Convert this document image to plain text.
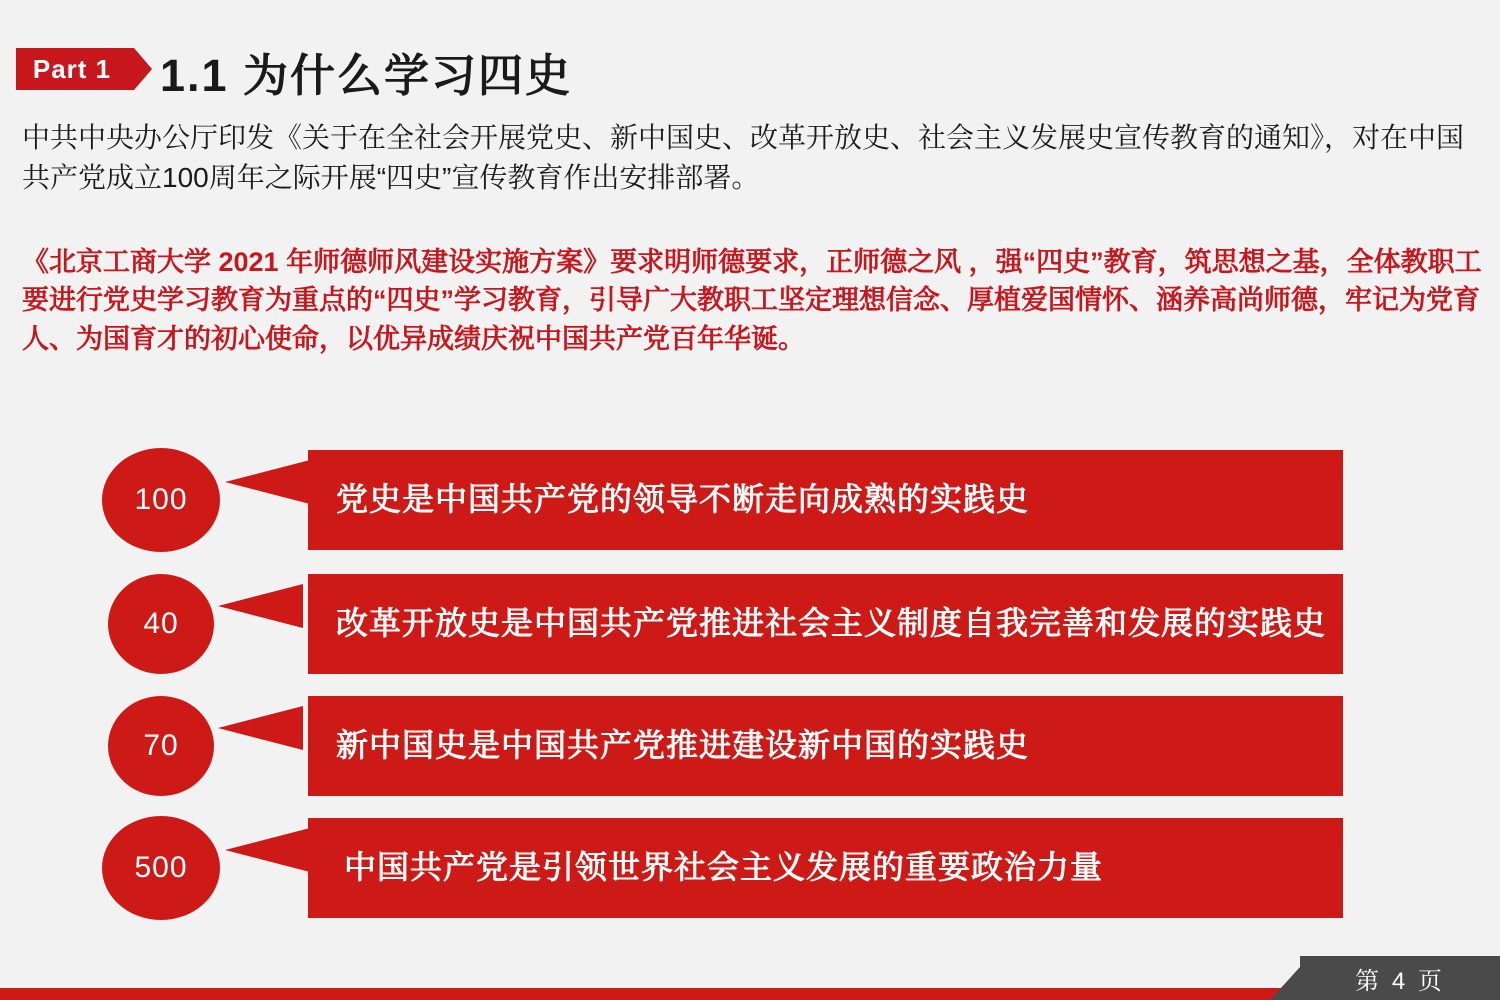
Part 1	1.1 为什么学习四史
中共中央办公厅印发《关于在全社会开展党史、新中国史、改革开放史、社会主义发展史宣传教育的通知》，对在中国共产党成立100周年之际开展“四史”宣传教育作出安排部署。
《北京工商大学 2021 年师德师风建设实施方案》要求明师德要求，正师德之风 ，强“四史”教育，筑思想之基，全体教职工要进行党史学习教育为重点的“四史”学习教育，引导广大教职工坚定理想信念、厚植爱国情怀、涵养高尚师德，牢记为党育人、为国育才的初心使命，以优异成绩庆祝中国共产党百年华诞。
100	党史是中国共产党的领导不断走向成熟的实践史
40	改革开放史是中国共产党推进社会主义制度自我完善和发展的实践史
70	新中国史是中国共产党推进建设新中国的实践史
500	中国共产党是引领世界社会主义发展的重要政治力量
第 4 页
